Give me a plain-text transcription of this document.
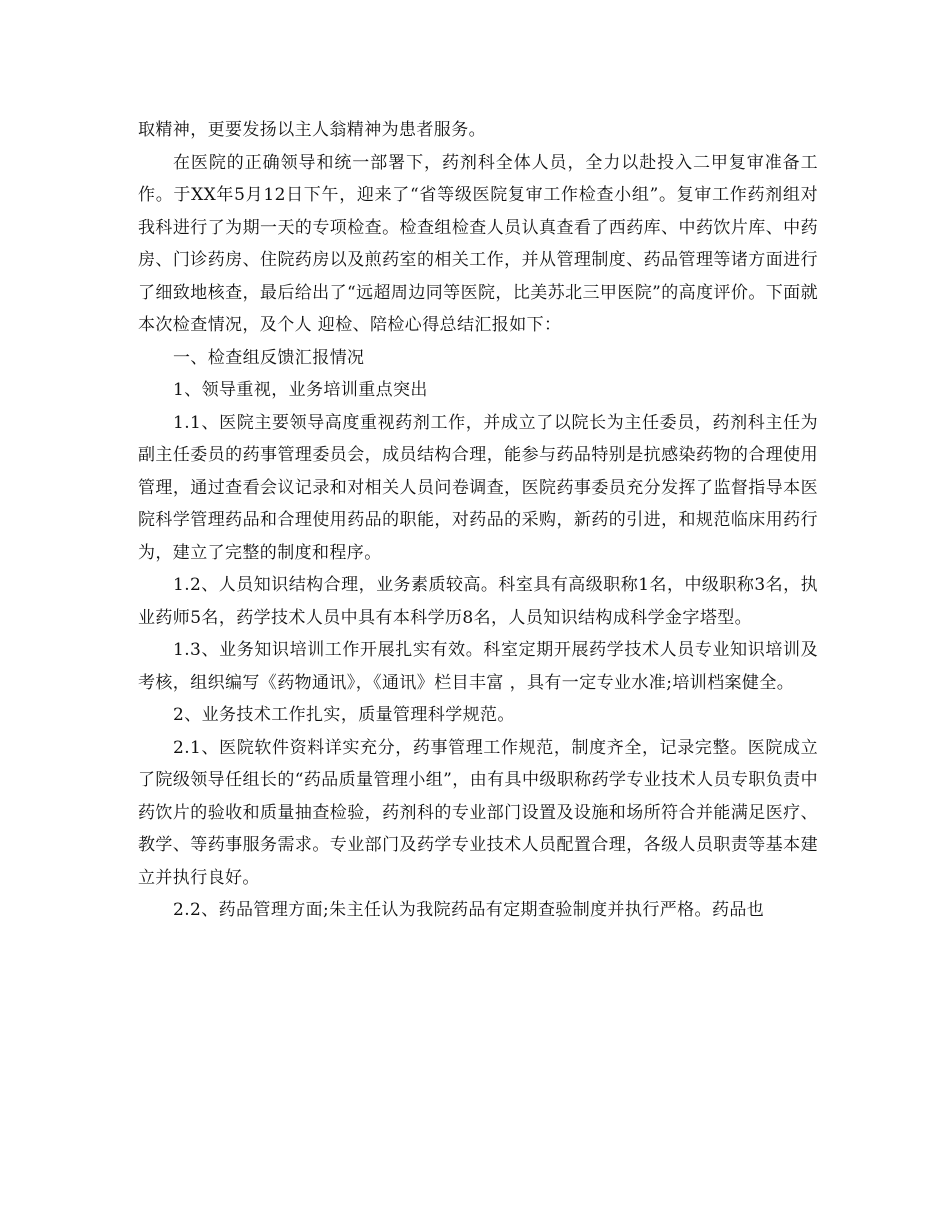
取精神，更要发扬以主人翁精神为患者服务。

在医院的正确领导和统一部署下，药剂科全体人员，全力以赴投入二甲复审准备工作。于XX年5月12日下午，迎来了“省等级医院复审工作检查小组”。复审工作药剂组对我科进行了为期一天的专项检查。检查组检查人员认真查看了西药库、中药饮片库、中药房、门诊药房、住院药房以及煎药室的相关工作，并从管理制度、药品管理等诸方面进行了细致地核查，最后给出了“远超周边同等医院，比美苏北三甲医院”的高度评价。下面就本次检查情况，及个人 迎检、陪检心得总结汇报如下：

一、检查组反馈汇报情况

1、领导重视，业务培训重点突出

1.1、医院主要领导高度重视药剂工作，并成立了以院长为主任委员，药剂科主任为副主任委员的药事管理委员会，成员结构合理，能参与药品特别是抗感染药物的合理使用管理，通过查看会议记录和对相关人员问卷调查，医院药事委员充分发挥了监督指导本医院科学管理药品和合理使用药品的职能，对药品的采购，新药的引进，和规范临床用药行为，建立了完整的制度和程序。

1.2、人员知识结构合理，业务素质较高。科室具有高级职称1名，中级职称3名，执业药师5名，药学技术人员中具有本科学历8名，人员知识结构成科学金字塔型。

1.3、业务知识培训工作开展扎实有效。科室定期开展药学技术人员专业知识培训及考核，组织编写《药物通讯》，《通讯》栏目丰富 ，具有一定专业水准;培训档案健全。

2、业务技术工作扎实，质量管理科学规范。

2.1、医院软件资料详实充分，药事管理工作规范，制度齐全，记录完整。医院成立了院级领导任组长的“药品质量管理小组”，由有具中级职称药学专业技术人员专职负责中药饮片的验收和质量抽查检验，药剂科的专业部门设置及设施和场所符合并能满足医疗、教学、等药事服务需求。专业部门及药学专业技术人员配置合理，各级人员职责等基本建立并执行良好。

2.2、药品管理方面;朱主任认为我院药品有定期查验制度并执行严格。药品也
